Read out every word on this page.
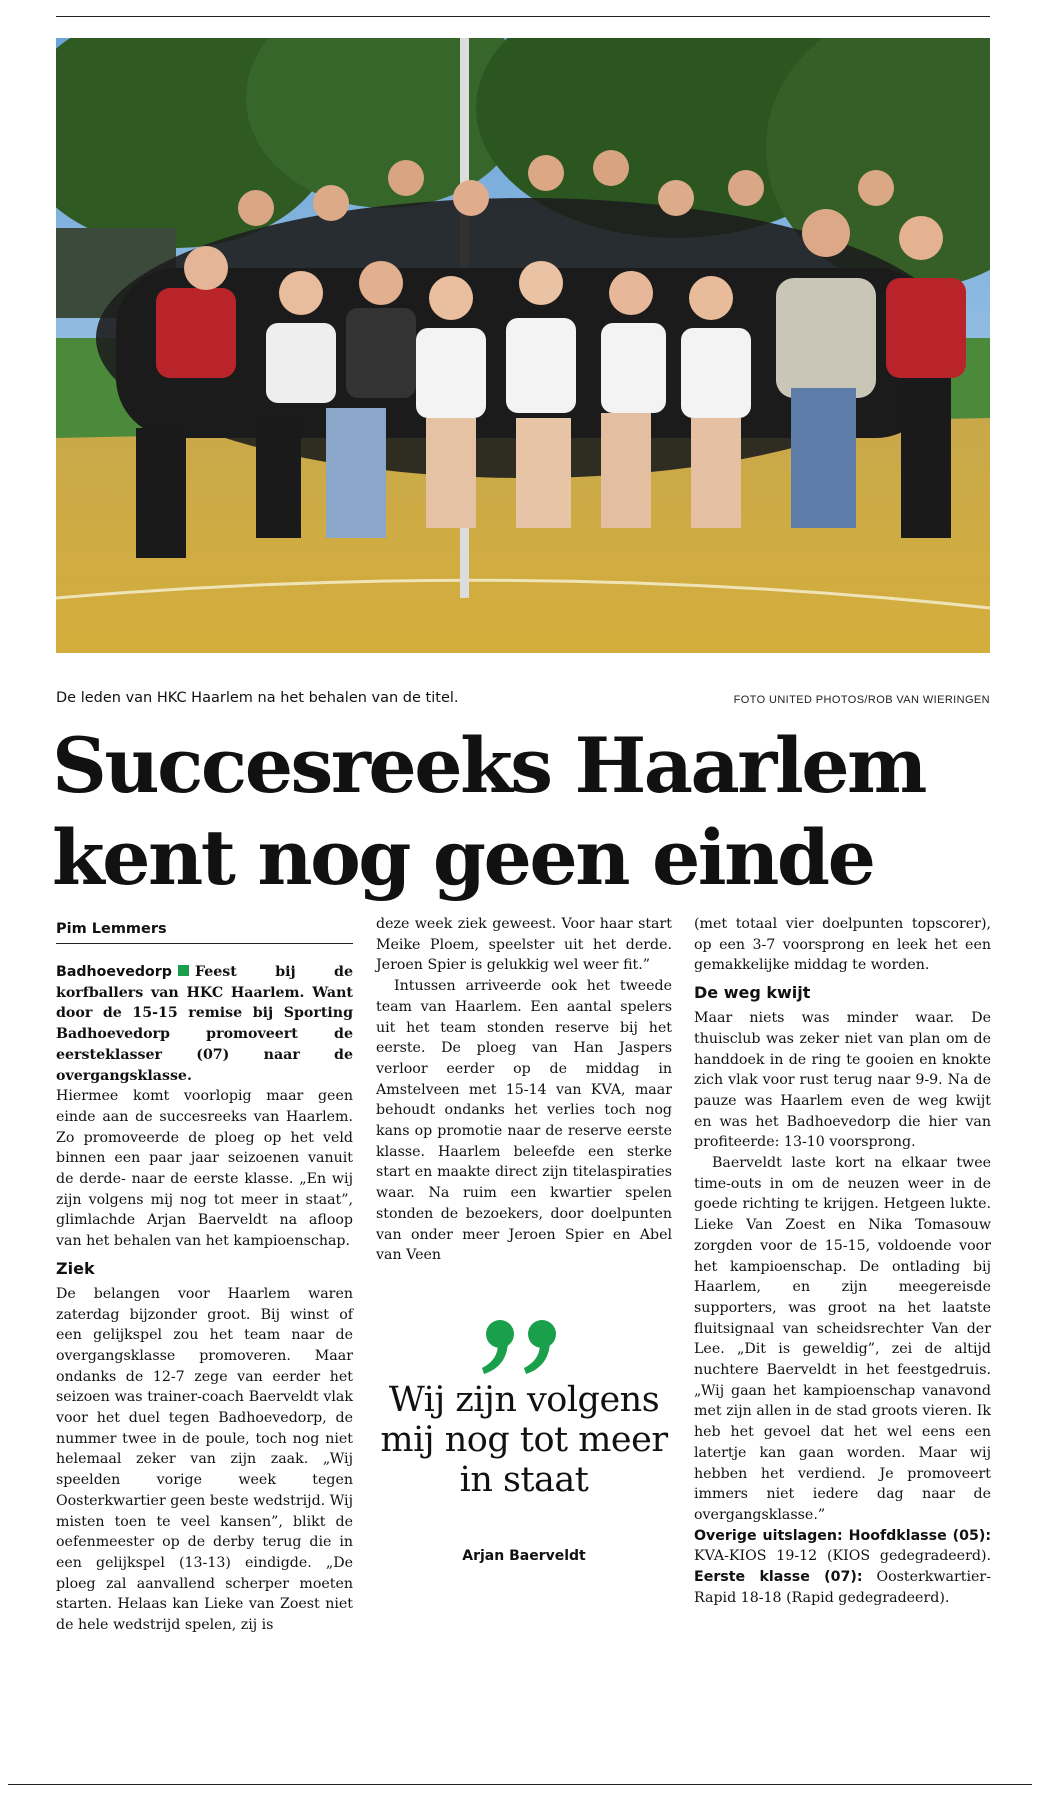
De leden van HKC Haarlem na het behalen van de titel.	FOTO UNITED PHOTOS/ROB VAN WIERINGEN
Succesreeks Haarlem
kent nog geen einde
Pim Lemmers

Badhoevedorp Feest bij de korfballers van HKC Haarlem. Want door de 15-15 remise bij Sporting Badhoevedorp promoveert de eersteklasser (07) naar de overgangsklasse.

Hiermee komt voorlopig maar geen einde aan de succesreeks van Haarlem. Zo promoveerde de ploeg op het veld binnen een paar jaar seizoenen vanuit de derde- naar de eerste klasse. „En wij zijn volgens mij nog tot meer in staat”, glimlachde Arjan Baerveldt na afloop van het behalen van het kampioenschap.

Ziek

De belangen voor Haarlem waren zaterdag bijzonder groot. Bij winst of een gelijkspel zou het team naar de overgangsklasse promoveren. Maar ondanks de 12-7 zege van eerder het seizoen was trainer-coach Baerveldt vlak voor het duel tegen Badhoevedorp, de nummer twee in de poule, toch nog niet helemaal zeker van zijn zaak. „Wij speelden vorige week tegen Oosterkwartier geen beste wedstrijd. Wij misten toen te veel kansen”, blikt de oefenmeester op de derby terug die in een gelijkspel (13-13) eindigde. „De ploeg zal aanvallend scherper moeten starten. Helaas kan Lieke van Zoest niet de hele wedstrijd spelen, zij is

deze week ziek geweest. Voor haar start Meike Ploem, speelster uit het derde. Jeroen Spier is gelukkig wel weer fit.”

Intussen arriveerde ook het tweede team van Haarlem. Een aantal spelers uit het team stonden reserve bij het eerste. De ploeg van Han Jaspers verloor eerder op de middag in Amstelveen met 15-14 van KVA, maar behoudt ondanks het verlies toch nog kans op promotie naar de reserve eerste klasse. Haarlem beleefde een sterke start en maakte direct zijn titelaspiraties waar. Na ruim een kwartier spelen stonden de bezoekers, door doelpunten van onder meer Jeroen Spier en Abel van Veen

Wij zijn volgens mij nog tot meer in staat
Arjan Baerveldt

(met totaal vier doelpunten topscorer), op een 3-7 voorsprong en leek het een gemakkelijke middag te worden.

De weg kwijt

Maar niets was minder waar. De thuisclub was zeker niet van plan om de handdoek in de ring te gooien en knokte zich vlak voor rust terug naar 9-9. Na de pauze was Haarlem even de weg kwijt en was het Badhoevedorp die hier van profiteerde: 13-10 voorsprong.

Baerveldt laste kort na elkaar twee time-outs in om de neuzen weer in de goede richting te krijgen. Hetgeen lukte. Lieke Van Zoest en Nika Tomasouw zorgden voor de 15-15, voldoende voor het kampioenschap. De ontlading bij Haarlem, en zijn meegereisde supporters, was groot na het laatste fluitsignaal van scheidsrechter Van der Lee. „Dit is geweldig”, zei de altijd nuchtere Baerveldt in het feestgedruis. „Wij gaan het kampioenschap vanavond met zijn allen in de stad groots vieren. Ik heb het gevoel dat het wel eens een latertje kan gaan worden. Maar wij hebben het verdiend. Je promoveert immers niet iedere dag naar de overgangsklasse.”

Overige uitslagen: Hoofdklasse (05): KVA-KIOS 19-12 (KIOS gedegradeerd). Eerste klasse (07): Oosterkwartier-Rapid 18-18 (Rapid gedegradeerd).
